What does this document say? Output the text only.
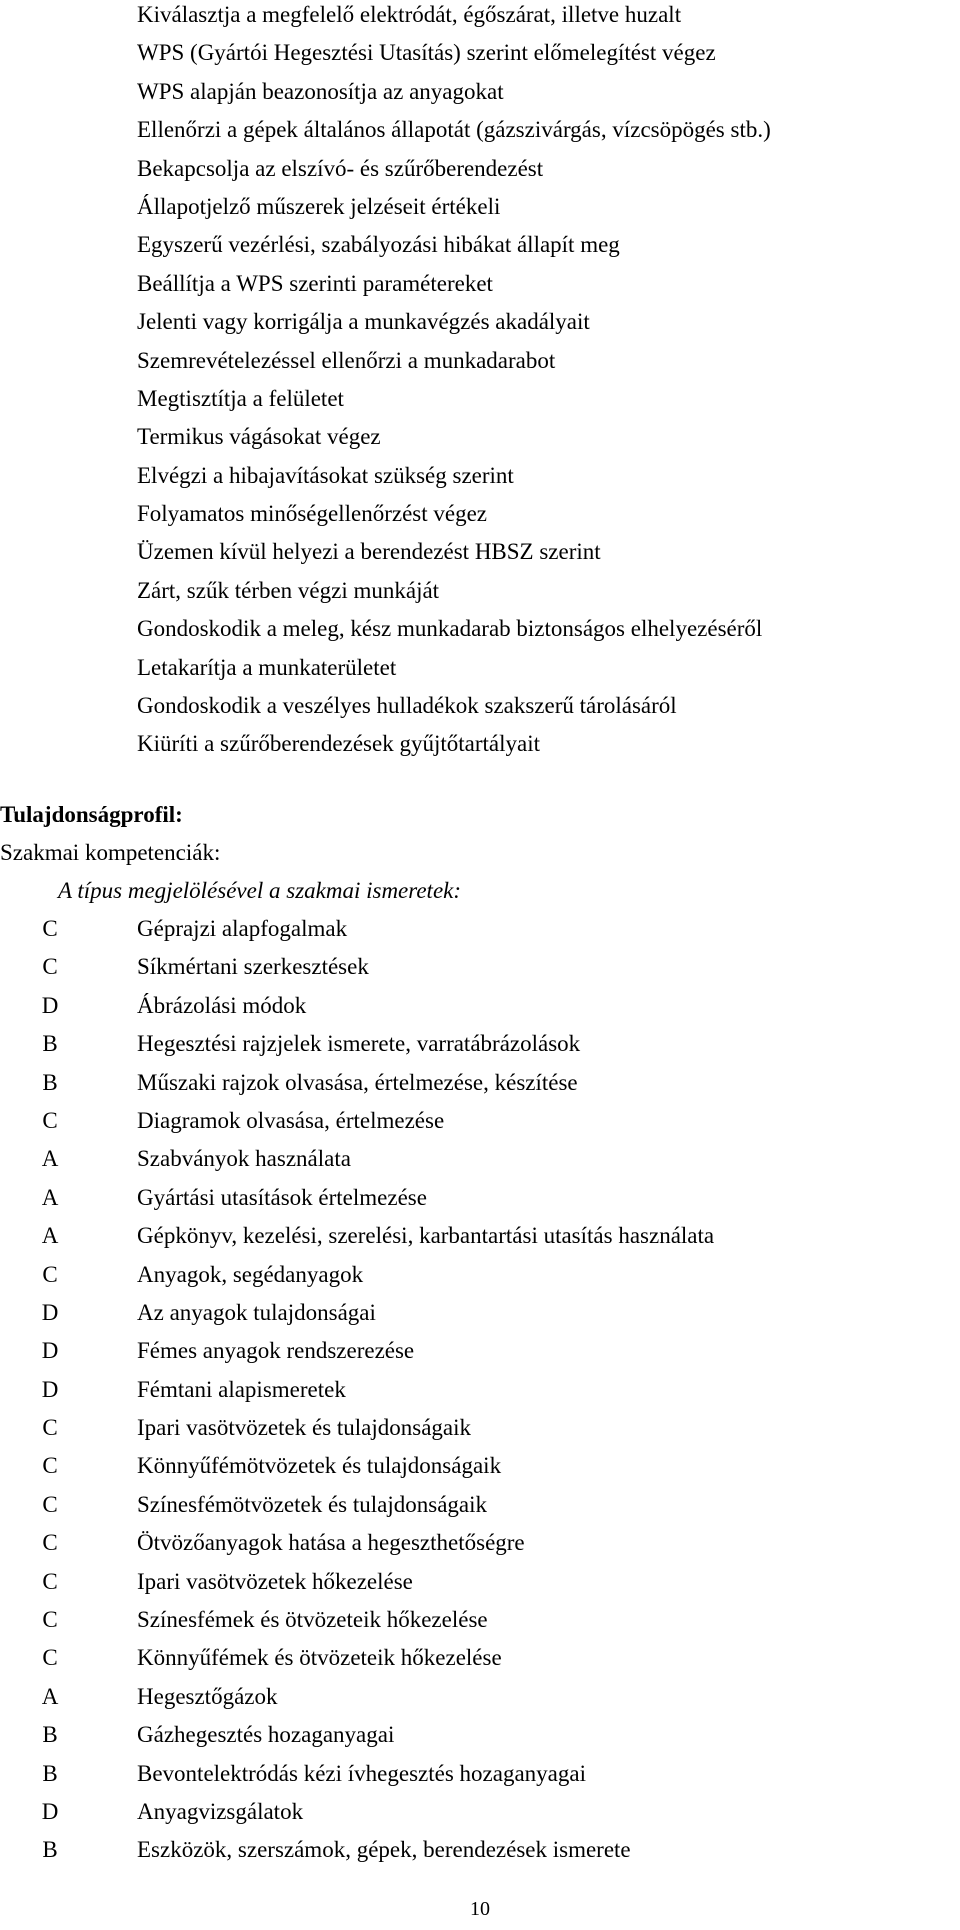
Kiválasztja a megfelelő elektródát, égőszárat, illetve huzalt
WPS (Gyártói Hegesztési Utasítás) szerint előmelegítést végez
WPS alapján beazonosítja az anyagokat
Ellenőrzi a gépek általános állapotát (gázszivárgás, vízcsöpögés stb.)
Bekapcsolja az elszívó- és szűrőberendezést
Állapotjelző műszerek jelzéseit értékeli
Egyszerű vezérlési, szabályozási hibákat állapít meg
Beállítja a WPS szerinti paramétereket
Jelenti vagy korrigálja a munkavégzés akadályait
Szemrevételezéssel ellenőrzi a munkadarabot
Megtisztítja a felületet
Termikus vágásokat végez
Elvégzi a hibajavításokat szükség szerint
Folyamatos minőségellenőrzést végez
Üzemen kívül helyezi a berendezést HBSZ szerint
Zárt, szűk térben végzi munkáját
Gondoskodik a meleg, kész munkadarab biztonságos elhelyezéséről
Letakarítja a munkaterületet
Gondoskodik a veszélyes hulladékok szakszerű tárolásáról
Kiüríti a szűrőberendezések gyűjtőtartályait
Tulajdonságprofil:
Szakmai kompetenciák:
A típus megjelölésével a szakmai ismeretek:
C	Géprajzi alapfogalmak
C	Síkmértani szerkesztések
D	Ábrázolási módok
B	Hegesztési rajzjelek ismerete, varratábrázolások
B	Műszaki rajzok olvasása, értelmezése, készítése
C	Diagramok olvasása, értelmezése
A	Szabványok használata
A	Gyártási utasítások értelmezése
A	Gépkönyv, kezelési, szerelési, karbantartási utasítás használata
C	Anyagok, segédanyagok
D	Az anyagok tulajdonságai
D	Fémes anyagok rendszerezése
D	Fémtani alapismeretek
C	Ipari vasötvözetek és tulajdonságaik
C	Könnyűfémötvözetek és tulajdonságaik
C	Színesfémötvözetek és tulajdonságaik
C	Ötvözőanyagok hatása a hegeszthetőségre
C	Ipari vasötvözetek hőkezelése
C	Színesfémek és ötvözeteik hőkezelése
C	Könnyűfémek és ötvözeteik hőkezelése
A	Hegesztőgázok
B	Gázhegesztés hozaganyagai
B	Bevontelektródás kézi ívhegesztés hozaganyagai
D	Anyagvizsgálatok
B	Eszközök, szerszámok, gépek, berendezések ismerete
10
